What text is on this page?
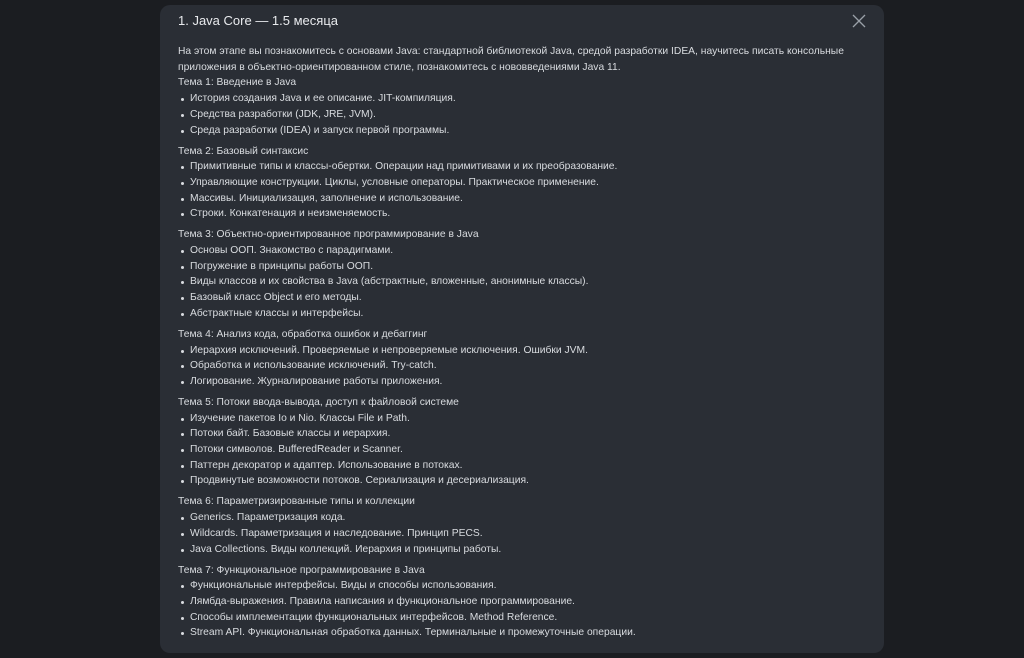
1. Java Core — 1.5 месяца

На этом этапе вы познакомитесь с основами Java: стандартной библиотекой Java, средой разработки IDEA, научитесь писать консольные приложения в объектно-ориентированном стиле, познакомитесь с нововведениями Java 11.

Тема 1: Введение в Java
История создания Java и ее описание. JIT-компиляция.
Средства разработки (JDK, JRE, JVM).
Среда разработки (IDEA) и запуск первой программы.
Тема 2: Базовый синтаксис
Примитивные типы и классы-обертки. Операции над примитивами и их преобразование.
Управляющие конструкции. Циклы, условные операторы. Практическое применение.
Массивы. Инициализация, заполнение и использование.
Строки. Конкатенация и неизменяемость.
Тема 3: Объектно-ориентированное программирование в Java
Основы ООП. Знакомство с парадигмами.
Погружение в принципы работы ООП.
Виды классов и их свойства в Java (абстрактные, вложенные, анонимные классы).
Базовый класс Object и его методы.
Абстрактные классы и интерфейсы.
Тема 4: Анализ кода, обработка ошибок и дебаггинг
Иерархия исключений. Проверяемые и непроверяемые исключения. Ошибки JVM.
Обработка и использование исключений. Try-catch.
Логирование. Журналирование работы приложения.
Тема 5: Потоки ввода-вывода, доступ к файловой системе
Изучение пакетов Io и Nio. Классы File и Path.
Потоки байт. Базовые классы и иерархия.
Потоки символов. BufferedReader и Scanner.
Паттерн декоратор и адаптер. Использование в потоках.
Продвинутые возможности потоков. Сериализация и десериализация.
Тема 6: Параметризированные типы и коллекции
Generics. Параметризация кода.
Wildcards. Параметризация и наследование. Принцип PECS.
Java Collections. Виды коллекций. Иерархия и принципы работы.
Тема 7: Функциональное программирование в Java
Функциональные интерфейсы. Виды и способы использования.
Лямбда-выражения. Правила написания и функциональное программирование.
Способы имплементации функциональных интерфейсов. Method Reference.
Stream API. Функциональная обработка данных. Терминальные и промежуточные операции.
